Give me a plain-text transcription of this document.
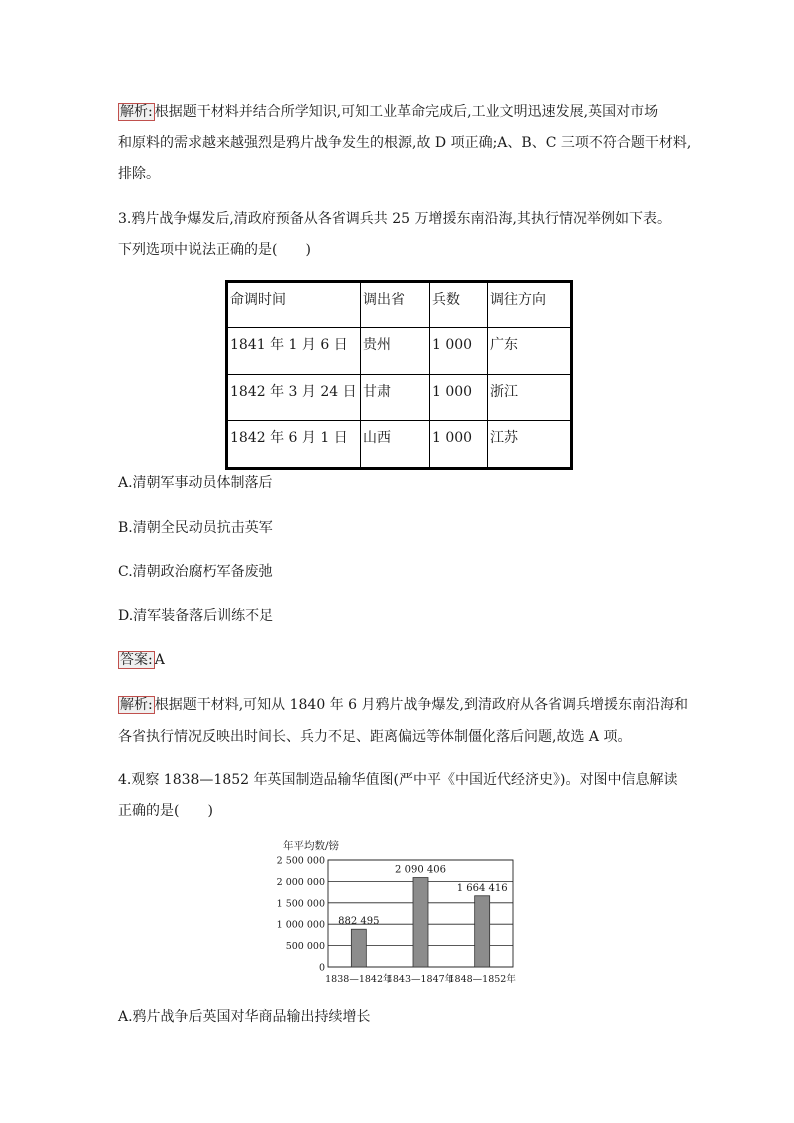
解析: 根据题干材料并结合所学知识,可知工业革命完成后,工业文明迅速发展,英国对市场
和原料的需求越来越强烈是鸦片战争发生的根源,故 D 项正确;A、B、C 三项不符合题干材料,
排除。
3.鸦片战争爆发后,清政府预备从各省调兵共 25 万增援东南沿海,其执行情况举例如下表。
下列选项中说法正确的是(　　)
命调时间	调出省	兵数	调往方向
1841 年 1 月 6 日	贵州	1 000	广东
1842 年 3 月 24 日	甘肃	1 000	浙江
1842 年 6 月 1 日	山西	1 000	江苏
A.清朝军事动员体制落后
B.清朝全民动员抗击英军
C.清朝政治腐朽军备废弛
D.清军装备落后训练不足
答案: A
解析: 根据题干材料,可知从 1840 年 6 月鸦片战争爆发,到清政府从各省调兵增援东南沿海和
各省执行情况反映出时间长、兵力不足、距离偏远等体制僵化落后问题,故选 A 项。
4.观察 1838—1852 年英国制造品输华值图(严中平《中国近代经济史》)。对图中信息解读
正确的是(　　)
年平均数/镑
0
500 000
1 000 000
1 500 000
2 000 000
2 500 000
882 495
1838—1842年
2 090 406
1843—1847年
1 664 416
1848—1852年
A.鸦片战争后英国对华商品输出持续增长
